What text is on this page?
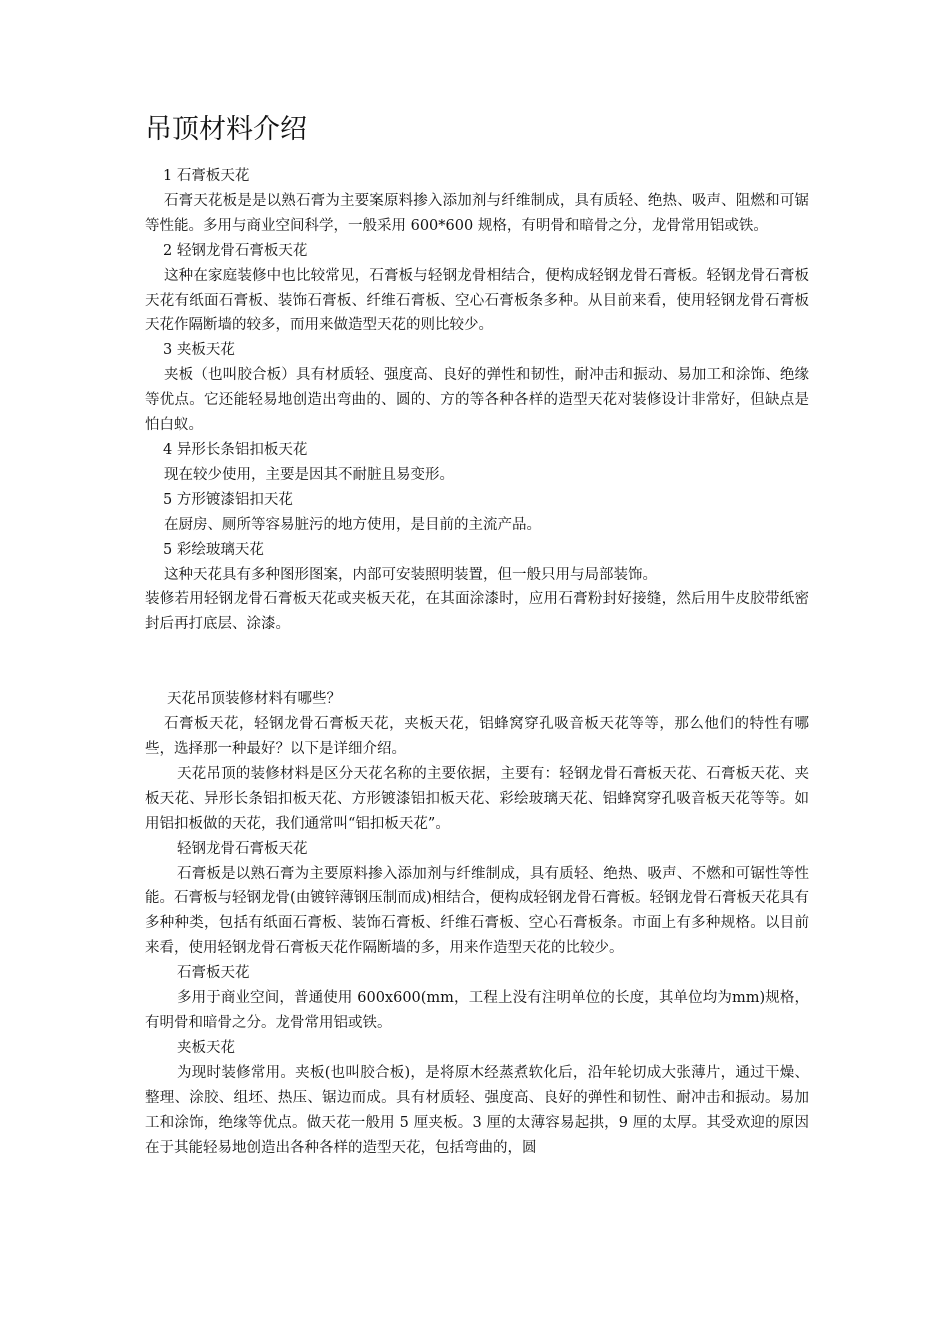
吊顶材料介绍

1 石膏板天花

石膏天花板是是以熟石膏为主要案原料掺入添加剂与纤维制成，具有质轻、绝热、吸声、阻燃和可锯等性能。多用与商业空间科学，一般采用 600*600 规格，有明骨和暗骨之分，龙骨常用铝或铁。

2 轻钢龙骨石膏板天花

这种在家庭装修中也比较常见，石膏板与轻钢龙骨相结合，便构成轻钢龙骨石膏板。轻钢龙骨石膏板天花有纸面石膏板、装饰石膏板、纤维石膏板、空心石膏板条多种。从目前来看，使用轻钢龙骨石膏板天花作隔断墙的较多，而用来做造型天花的则比较少。

3 夹板天花

夹板（也叫胶合板）具有材质轻、强度高、良好的弹性和韧性，耐冲击和振动、易加工和涂饰、绝缘等优点。它还能轻易地创造出弯曲的、圆的、方的等各种各样的造型天花对装修设计非常好，但缺点是怕白蚁。

4 异形长条铝扣板天花

现在较少使用，主要是因其不耐脏且易变形。

5 方形镀漆铝扣天花

在厨房、厕所等容易脏污的地方使用，是目前的主流产品。

5 彩绘玻璃天花

这种天花具有多种图形图案，内部可安装照明装置，但一般只用与局部装饰。

装修若用轻钢龙骨石膏板天花或夹板天花，在其面涂漆时，应用石膏粉封好接缝，然后用牛皮胶带纸密封后再打底层、涂漆。

天花吊顶装修材料有哪些？

石膏板天花，轻钢龙骨石膏板天花，夹板天花，铝蜂窝穿孔吸音板天花等等，那么他们的特性有哪些，选择那一种最好？以下是详细介绍。

天花吊顶的装修材料是区分天花名称的主要依据，主要有：轻钢龙骨石膏板天花、石膏板天花、夹板天花、异形长条铝扣板天花、方形镀漆铝扣板天花、彩绘玻璃天花、铝蜂窝穿孔吸音板天花等等。如用铝扣板做的天花，我们通常叫“铝扣板天花”。

轻钢龙骨石膏板天花

石膏板是以熟石膏为主要原料掺入添加剂与纤维制成，具有质轻、绝热、吸声、不燃和可锯性等性能。石膏板与轻钢龙骨(由镀锌薄钢压制而成)相结合，便构成轻钢龙骨石膏板。轻钢龙骨石膏板天花具有多种种类，包括有纸面石膏板、装饰石膏板、纤维石膏板、空心石膏板条。市面上有多种规格。以目前来看，使用轻钢龙骨石膏板天花作隔断墙的多，用来作造型天花的比较少。

石膏板天花

多用于商业空间，普通使用 600x600(mm，工程上没有注明单位的长度，其单位均为mm)规格，有明骨和暗骨之分。龙骨常用铝或铁。

夹板天花

为现时装修常用。夹板(也叫胶合板)，是将原木经蒸煮软化后，沿年轮切成大张薄片，通过干燥、整理、涂胶、组坯、热压、锯边而成。具有材质轻、强度高、良好的弹性和韧性、耐冲击和振动。易加工和涂饰，绝缘等优点。做天花一般用 5 厘夹板。3 厘的太薄容易起拱，9 厘的太厚。其受欢迎的原因在于其能轻易地创造出各种各样的造型天花，包括弯曲的，圆
